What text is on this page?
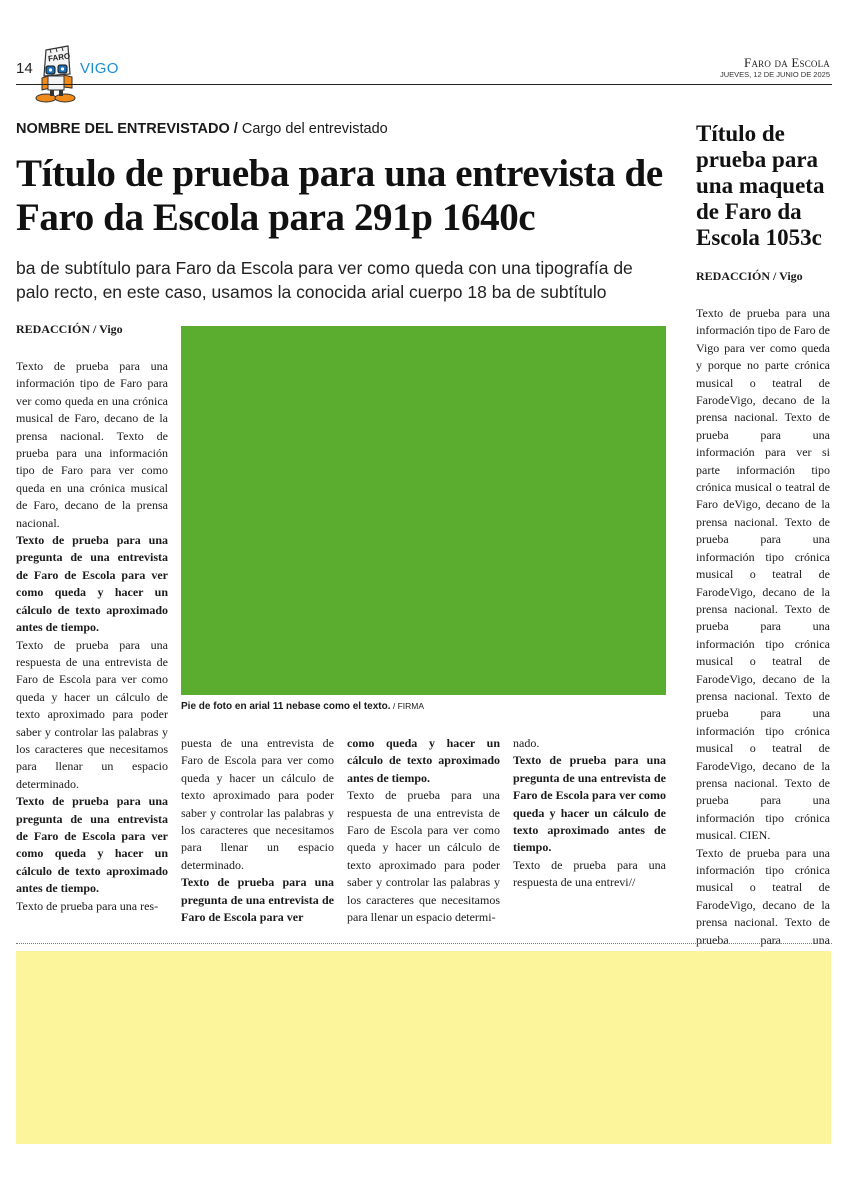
FARO
14	VIGO	Faro da Escola
JUEVES, 12 DE JUNIO DE 2025
NOMBRE DEL ENTREVISTADO / Cargo del entrevistado
Título de prueba para una entrevista de Faro da Escola para 291p 1640c
ba de subtítulo para Faro da Escola para ver como queda con una tipografía de palo recto, en este caso, usamos la conocida arial cuerpo 18 ba de subtítulo
REDACCIÓN / Vigo

Texto de prueba para una información tipo de Faro para ver como queda en una crónica musical de Faro, decano de la prensa nacional. Texto de prueba para una información tipo de Faro para ver como queda en una crónica musical de Faro, decano de la prensa nacional.

Texto de prueba para una pregunta de una entrevista de Faro de Escola para ver como queda y hacer un cálculo de texto aproximado antes de tiempo.

Texto de prueba para una respuesta de una entrevista de Faro de Escola para ver como queda y hacer un cálculo de texto aproximado para poder saber y controlar las palabras y los caracteres que necesitamos para llenar un espacio determinado.

Texto de prueba para una pregunta de una entrevista de Faro de Escola para ver como queda y hacer un cálculo de texto aproximado antes de tiempo.

Texto de prueba para una res-

Pie de foto en arial 11 nebase como el texto. / FIRMA

puesta de una entrevista de Faro de Escola para ver como queda y hacer un cálculo de texto aproximado para poder saber y controlar las palabras y los caracteres que necesitamos para llenar un espacio determinado.

Texto de prueba para una pregunta de una entrevista de Faro de Escola para ver

como queda y hacer un cálculo de texto aproximado antes de tiempo.

Texto de prueba para una respuesta de una entrevista de Faro de Escola para ver como queda y hacer un cálculo de texto aproximado para poder saber y controlar las palabras y los caracteres que necesitamos para llenar un espacio determi-

nado.

Texto de prueba para una pregunta de una entrevista de Faro de Escola para ver como queda y hacer un cálculo de texto aproximado antes de tiempo.

Texto de prueba para una respuesta de una entrevi//

Título de prueba para una maqueta de Faro da Escola 1053c
REDACCIÓN / Vigo

Texto de prueba para una información tipo de Faro de Vigo para ver como queda y porque no parte crónica musical o teatral de FarodeVigo, decano de la prensa nacional. Texto de prueba para una información para ver si parte información tipo crónica musical o teatral de Faro deVigo, decano de la prensa nacional. Texto de prueba para una información tipo crónica musical o teatral de FarodeVigo, decano de la prensa nacional. Texto de prueba para una información tipo crónica musical o teatral de FarodeVigo, decano de la prensa nacional. Texto de prueba para una información tipo crónica musical o teatral de FarodeVigo, decano de la prensa nacional. Texto de prueba para una información tipo crónica musical. CIEN.

Texto de prueba para una información tipo crónica musical o teatral de FarodeVigo, decano de la prensa nacional. Texto de prueba para una
